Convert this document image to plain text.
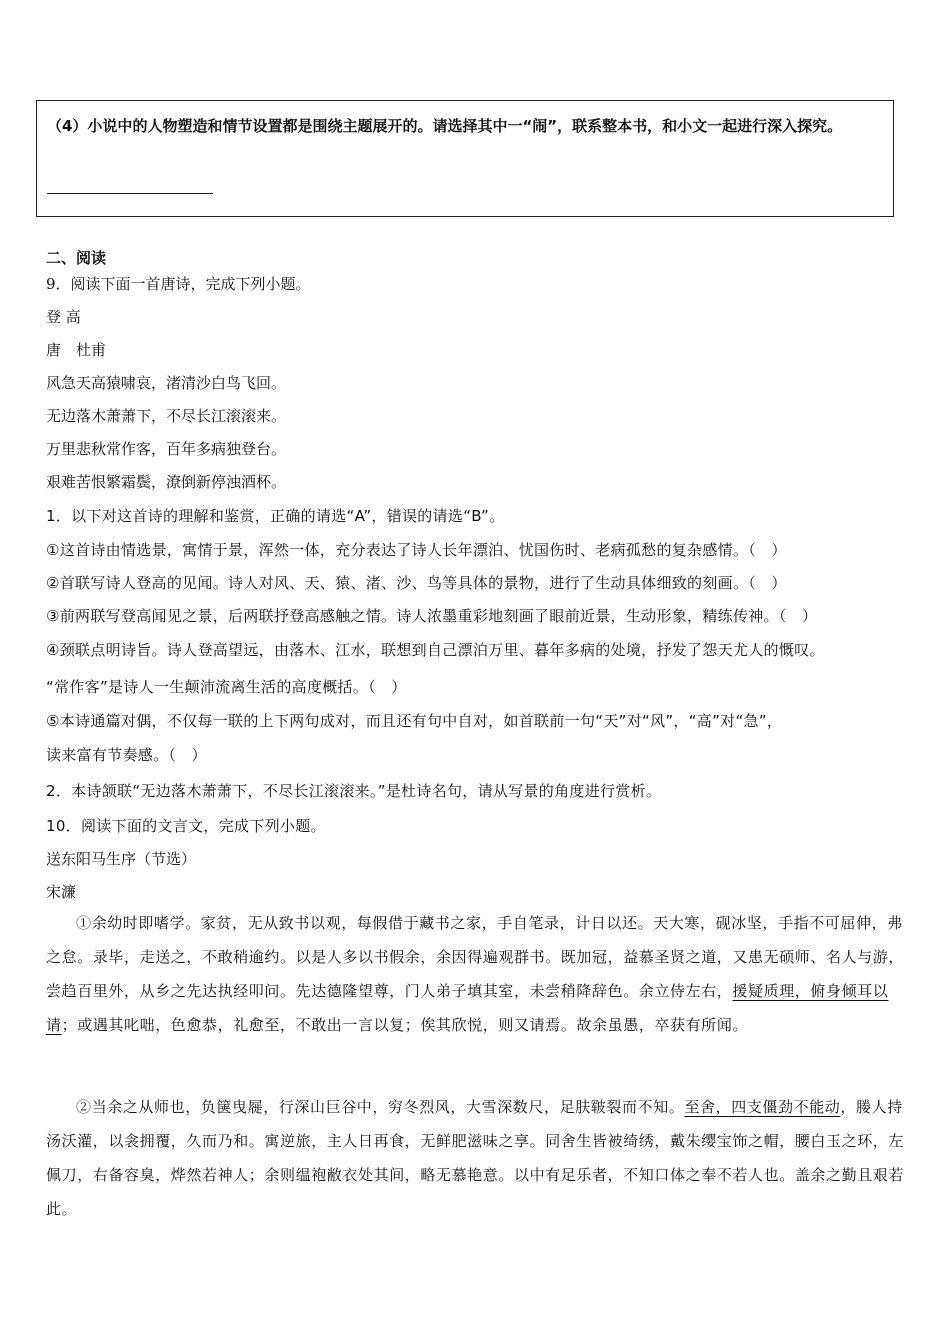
（4）小说中的人物塑造和情节设置都是围绕主题展开的。请选择其中一“闹”，联系整本书，和小文一起进行深入探究。
二、阅读
9．阅读下面一首唐诗，完成下列小题。
登 高
唐　杜甫
风急天高猿啸哀，渚清沙白鸟飞回。
无边落木萧萧下，不尽长江滚滚来。
万里悲秋常作客，百年多病独登台。
艰难苦恨繁霜鬓，潦倒新停浊酒杯。
1．以下对这首诗的理解和鉴赏，正确的请选“A”，错误的请选“B”。
①这首诗由情选景，寓情于景，浑然一体，充分表达了诗人长年漂泊、忧国伤时、老病孤愁的复杂感情。（　）
②首联写诗人登高的见闻。诗人对风、天、猿、渚、沙、鸟等具体的景物，进行了生动具体细致的刻画。（　）
③前两联写登高闻见之景，后两联抒登高感触之情。诗人浓墨重彩地刻画了眼前近景，生动形象，精练传神。（　）
④颈联点明诗旨。诗人登高望远，由落木、江水，联想到自己漂泊万里、暮年多病的处境，抒发了怨天尤人的慨叹。
“常作客”是诗人一生颠沛流离生活的高度概括。（　）
⑤本诗通篇对偶，不仅每一联的上下两句成对，而且还有句中自对，如首联前一句“天”对“风”，“高”对“急”，
读来富有节奏感。（　）
2．本诗颔联“无边落木萧萧下，不尽长江滚滚来。”是杜诗名句，请从写景的角度进行赏析。
10．阅读下面的文言文，完成下列小题。
送东阳马生序（节选）
宋濂
①余幼时即嗜学。家贫，无从致书以观，每假借于藏书之家，手自笔录，计日以还。天大寒，砚冰坚，手指不可屈伸，弗之怠。录毕，走送之，不敢稍逾约。以是人多以书假余，余因得遍观群书。既加冠，益慕圣贤之道，又患无硕师、名人与游，尝趋百里外，从乡之先达执经叩问。先达德隆望尊，门人弟子填其室，未尝稍降辞色。余立侍左右，援疑质理，俯身倾耳以请；或遇其叱咄，色愈恭，礼愈至，不敢出一言以复；俟其欣悦，则又请焉。故余虽愚，卒获有所闻。
②当余之从师也，负箧曳屣，行深山巨谷中，穷冬烈风，大雪深数尺，足肤皲裂而不知。至舍，四支僵劲不能动，媵人持汤沃灌，以衾拥覆，久而乃和。寓逆旅，主人日再食，无鲜肥滋味之享。同舍生皆被绮绣，戴朱缨宝饰之帽，腰白玉之环，左佩刀，右备容臭，烨然若神人；余则缊袍敝衣处其间，略无慕艳意。以中有足乐者，不知口体之奉不若人也。盖余之勤且艰若此。
